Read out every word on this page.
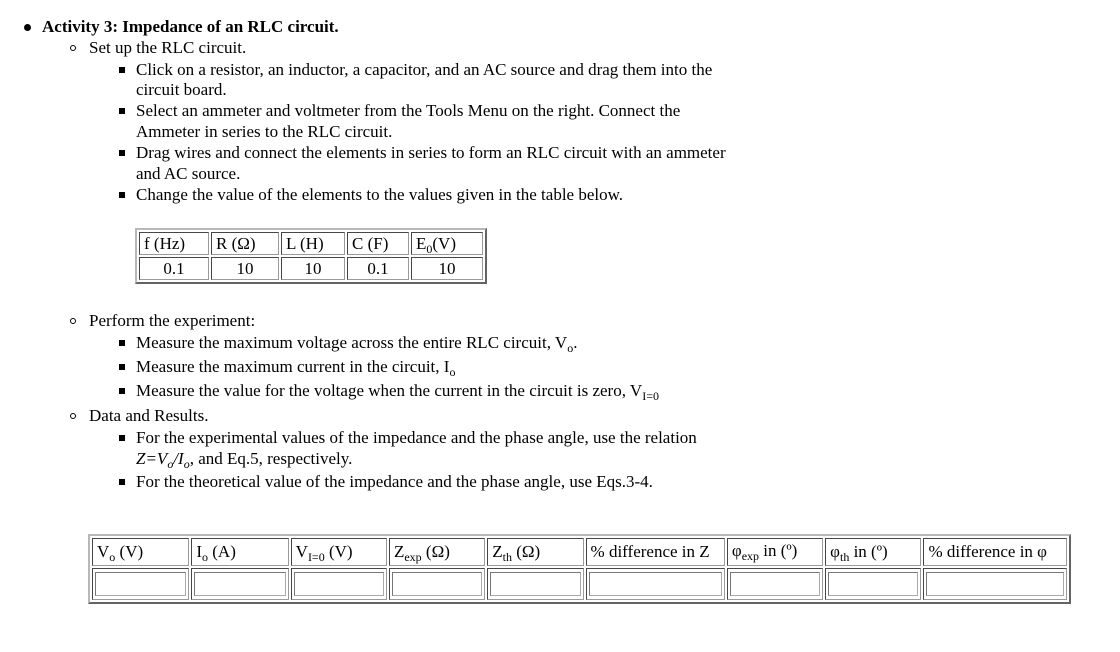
Activity 3: Impedance of an RLC circuit.
Set up the RLC circuit.
Click on a resistor, an inductor, a capacitor, and an AC source and drag them into the
circuit board.
Select an ammeter and voltmeter from the Tools Menu on the right. Connect the
Ammeter in series to the RLC circuit.
Drag wires and connect the elements in series to form an RLC circuit with an ammeter
and AC source.
Change the value of the elements to the values given in the table below.
f (Hz)	R (Ω)	L (H)	C (F)	$E_0(V)$
0.1	10	10	0.1	10
Perform the experiment:
Measure the maximum voltage across the entire RLC circuit, $V_o$.
Measure the maximum current in the circuit, $I_o$
Measure the value for the voltage when the current in the circuit is zero, $V_{I=0}$
Data and Results.
For the experimental values of the impedance and the phase angle, use the relation
$Z=V_o/I_o$, and Eq.5, respectively.
For the theoretical value of the impedance and the phase angle, use Eqs.3-4.
$V_o$ (V)	$I_o$ (A)	$V_{I=0}$ (V)	$Z_{exp}$ (Ω)	$Z_{th}$ (Ω)	% difference in Z	$\varphi_{exp}$ in (º)	$\varphi_{th}$ in (º)	% difference in φ
